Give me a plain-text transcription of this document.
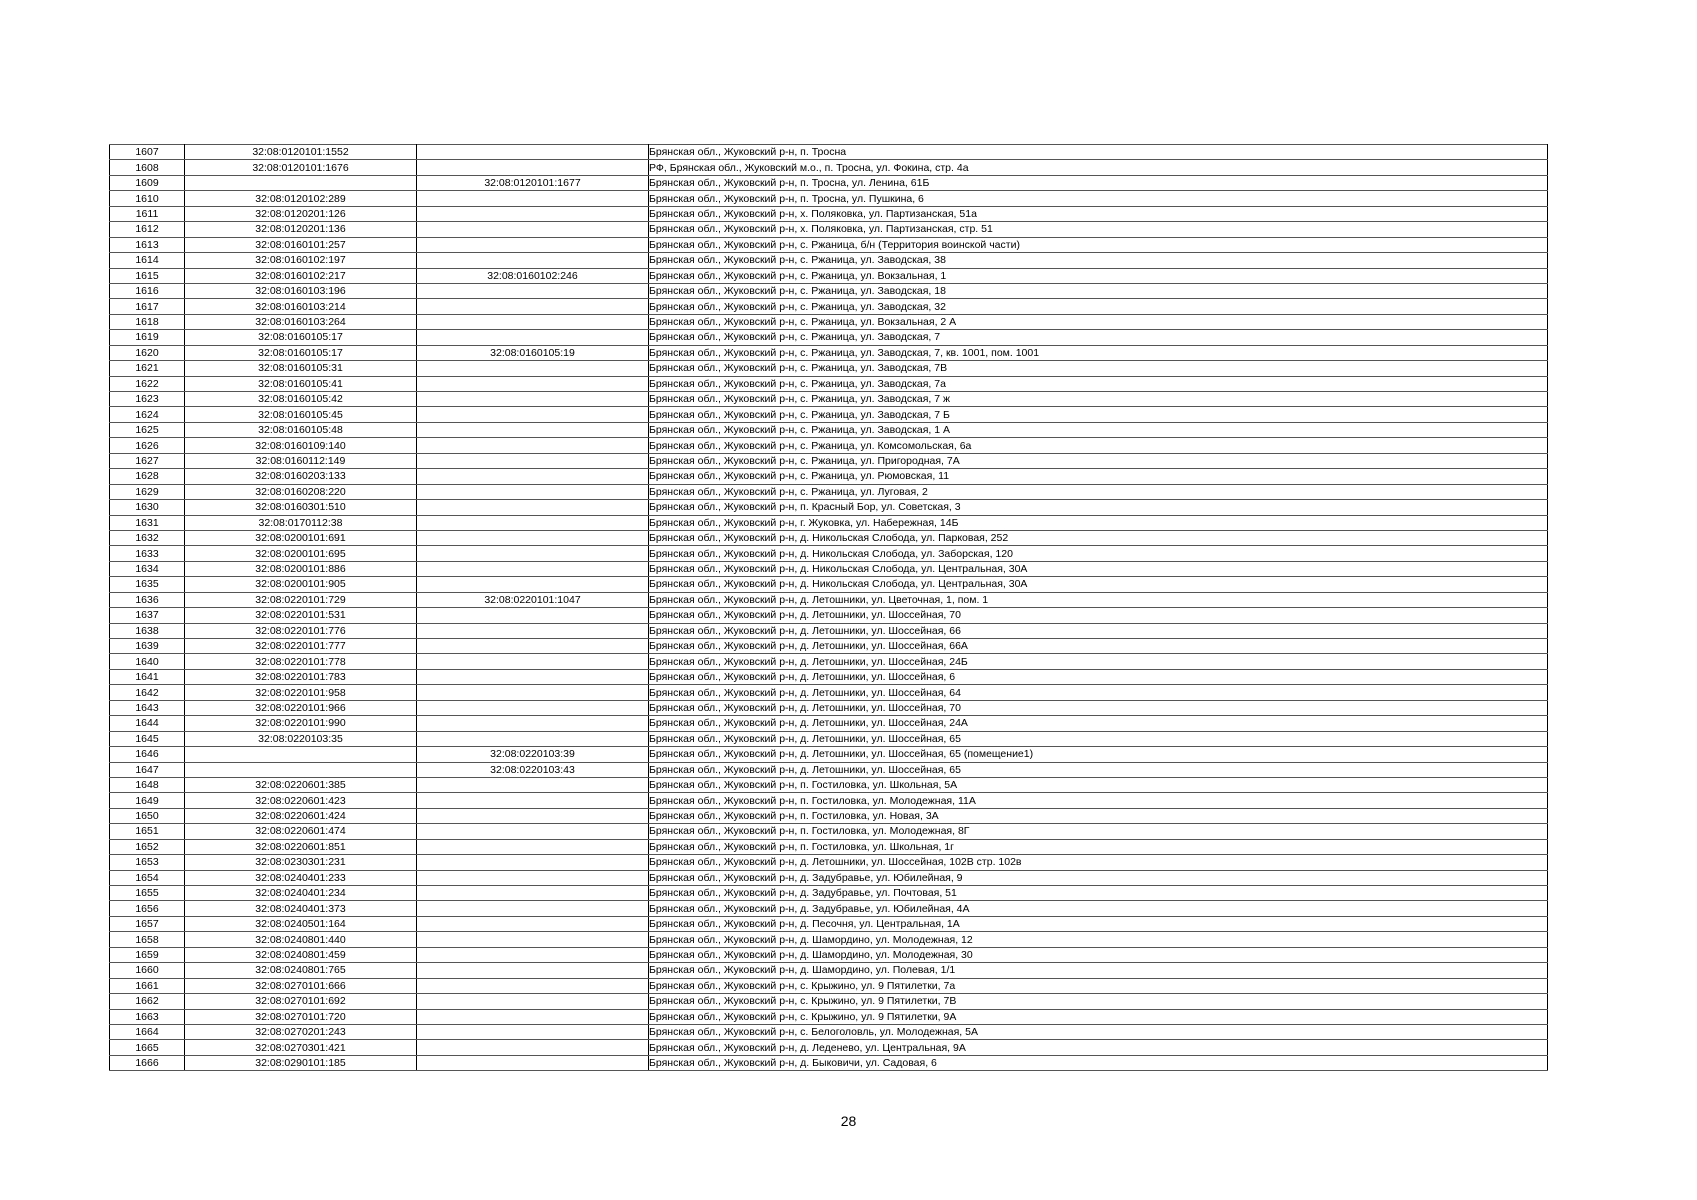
1607	32:08:0120101:1552		Брянская обл., Жуковский р-н, п. Тросна
1608	32:08:0120101:1676		РФ, Брянская обл., Жуковский м.о., п. Тросна, ул. Фокина, стр. 4а
1609		32:08:0120101:1677	Брянская обл., Жуковский р-н, п. Тросна, ул. Ленина, 61Б
1610	32:08:0120102:289		Брянская обл., Жуковский р-н, п. Тросна, ул. Пушкина, 6
1611	32:08:0120201:126		Брянская обл., Жуковский р-н, х. Поляковка, ул. Партизанская, 51а
1612	32:08:0120201:136		Брянская обл., Жуковский р-н, х. Поляковка, ул. Партизанская, стр. 51
1613	32:08:0160101:257		Брянская обл., Жуковский р-н, с. Ржаница, б/н (Территория воинской части)
1614	32:08:0160102:197		Брянская обл., Жуковский р-н, с. Ржаница, ул. Заводская, 38
1615	32:08:0160102:217	32:08:0160102:246	Брянская обл., Жуковский р-н, с. Ржаница, ул. Вокзальная, 1
1616	32:08:0160103:196		Брянская обл., Жуковский р-н, с. Ржаница, ул. Заводская, 18
1617	32:08:0160103:214		Брянская обл., Жуковский р-н, с. Ржаница, ул. Заводская, 32
1618	32:08:0160103:264		Брянская обл., Жуковский р-н, с. Ржаница, ул. Вокзальная, 2 А
1619	32:08:0160105:17		Брянская обл., Жуковский р-н, с. Ржаница, ул. Заводская, 7
1620	32:08:0160105:17	32:08:0160105:19	Брянская обл., Жуковский р-н, с. Ржаница, ул. Заводская, 7, кв. 1001, пом. 1001
1621	32:08:0160105:31		Брянская обл., Жуковский р-н, с. Ржаница, ул. Заводская, 7В
1622	32:08:0160105:41		Брянская обл., Жуковский р-н, с. Ржаница, ул. Заводская, 7а
1623	32:08:0160105:42		Брянская обл., Жуковский р-н, с. Ржаница, ул. Заводская, 7 ж
1624	32:08:0160105:45		Брянская обл., Жуковский р-н, с. Ржаница, ул. Заводская, 7 Б
1625	32:08:0160105:48		Брянская обл., Жуковский р-н, с. Ржаница, ул. Заводская, 1 А
1626	32:08:0160109:140		Брянская обл., Жуковский р-н, с. Ржаница, ул. Комсомольская, 6а
1627	32:08:0160112:149		Брянская обл., Жуковский р-н, с. Ржаница, ул. Пригородная, 7А
1628	32:08:0160203:133		Брянская обл., Жуковский р-н, с. Ржаница, ул. Рюмовская, 11
1629	32:08:0160208:220		Брянская обл., Жуковский р-н, с. Ржаница, ул. Луговая, 2
1630	32:08:0160301:510		Брянская обл., Жуковский р-н, п. Красный Бор, ул. Советская, 3
1631	32:08:0170112:38		Брянская обл., Жуковский р-н, г. Жуковка, ул. Набережная, 14Б
1632	32:08:0200101:691		Брянская обл., Жуковский р-н, д. Никольская Слобода, ул. Парковая, 252
1633	32:08:0200101:695		Брянская обл., Жуковский р-н, д. Никольская Слобода, ул. Заборская, 120
1634	32:08:0200101:886		Брянская обл., Жуковский р-н, д. Никольская Слобода, ул. Центральная, 30А
1635	32:08:0200101:905		Брянская обл., Жуковский р-н, д. Никольская Слобода, ул. Центральная, 30А
1636	32:08:0220101:729	32:08:0220101:1047	Брянская обл., Жуковский р-н, д. Летошники, ул. Цветочная, 1, пом. 1
1637	32:08:0220101:531		Брянская обл., Жуковский р-н, д. Летошники, ул. Шоссейная, 70
1638	32:08:0220101:776		Брянская обл., Жуковский р-н, д. Летошники, ул. Шоссейная, 66
1639	32:08:0220101:777		Брянская обл., Жуковский р-н, д. Летошники, ул. Шоссейная, 66А
1640	32:08:0220101:778		Брянская обл., Жуковский р-н, д. Летошники, ул. Шоссейная, 24Б
1641	32:08:0220101:783		Брянская обл., Жуковский р-н, д. Летошники, ул. Шоссейная, 6
1642	32:08:0220101:958		Брянская обл., Жуковский р-н, д. Летошники, ул. Шоссейная, 64
1643	32:08:0220101:966		Брянская обл., Жуковский р-н, д. Летошники, ул. Шоссейная, 70
1644	32:08:0220101:990		Брянская обл., Жуковский р-н, д. Летошники, ул. Шоссейная, 24А
1645	32:08:0220103:35		Брянская обл., Жуковский р-н, д. Летошники, ул. Шоссейная, 65
1646		32:08:0220103:39	Брянская обл., Жуковский р-н, д. Летошники, ул. Шоссейная, 65 (помещение1)
1647		32:08:0220103:43	Брянская обл., Жуковский р-н, д. Летошники, ул. Шоссейная, 65
1648	32:08:0220601:385		Брянская обл., Жуковский р-н, п. Гостиловка, ул. Школьная, 5А
1649	32:08:0220601:423		Брянская обл., Жуковский р-н, п. Гостиловка, ул. Молодежная, 11А
1650	32:08:0220601:424		Брянская обл., Жуковский р-н, п. Гостиловка, ул. Новая, 3А
1651	32:08:0220601:474		Брянская обл., Жуковский р-н, п. Гостиловка, ул. Молодежная, 8Г
1652	32:08:0220601:851		Брянская обл., Жуковский р-н, п. Гостиловка, ул. Школьная, 1г
1653	32:08:0230301:231		Брянская обл., Жуковский р-н, д. Летошники, ул. Шоссейная, 102В стр. 102в
1654	32:08:0240401:233		Брянская обл., Жуковский р-н, д. Задубравье, ул. Юбилейная, 9
1655	32:08:0240401:234		Брянская обл., Жуковский р-н, д. Задубравье, ул. Почтовая, 51
1656	32:08:0240401:373		Брянская обл., Жуковский р-н, д. Задубравье, ул. Юбилейная, 4А
1657	32:08:0240501:164		Брянская обл., Жуковский р-н, д. Песочня, ул. Центральная, 1А
1658	32:08:0240801:440		Брянская обл., Жуковский р-н, д. Шамордино, ул. Молодежная, 12
1659	32:08:0240801:459		Брянская обл., Жуковский р-н, д. Шамордино, ул. Молодежная, 30
1660	32:08:0240801:765		Брянская обл., Жуковский р-н, д. Шамордино, ул. Полевая, 1/1
1661	32:08:0270101:666		Брянская обл., Жуковский р-н, с. Крыжино, ул. 9 Пятилетки, 7а
1662	32:08:0270101:692		Брянская обл., Жуковский р-н, с. Крыжино, ул. 9 Пятилетки, 7В
1663	32:08:0270101:720		Брянская обл., Жуковский р-н, с. Крыжино, ул. 9 Пятилетки, 9А
1664	32:08:0270201:243		Брянская обл., Жуковский р-н, с. Белоголовль, ул. Молодежная, 5А
1665	32:08:0270301:421		Брянская обл., Жуковский р-н, д. Леденево, ул. Центральная, 9А
1666	32:08:0290101:185		Брянская обл., Жуковский р-н, д. Быковичи, ул. Садовая, 6
28
